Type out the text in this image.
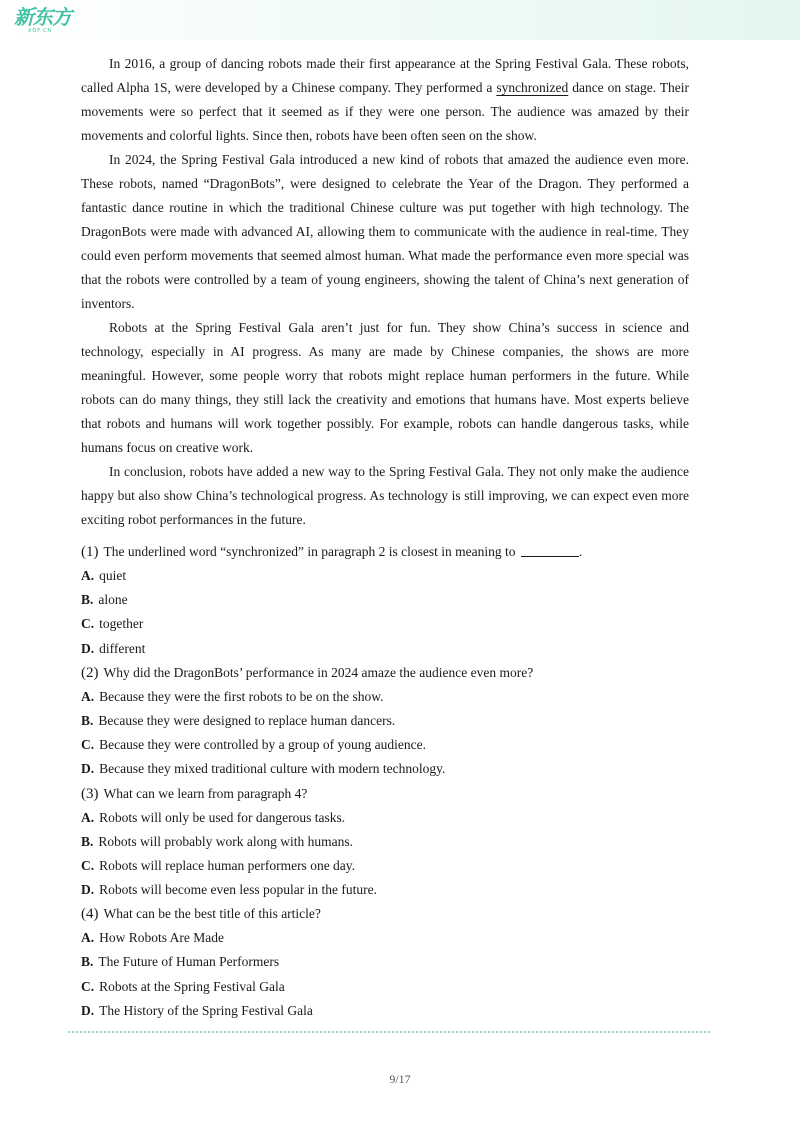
新东方
XDF.CN

In 2016, a group of dancing robots made their first appearance at the Spring Festival Gala. These robots, called Alpha 1S, were developed by a Chinese company. They performed a synchronized dance on stage. Their movements were so perfect that it seemed as if they were one person. The audience was amazed by their movements and colorful lights. Since then, robots have been often seen on the show.

In 2024, the Spring Festival Gala introduced a new kind of robots that amazed the audience even more. These robots, named “DragonBots”, were designed to celebrate the Year of the Dragon. They performed a fantastic dance routine in which the traditional Chinese culture was put together with high technology. The DragonBots were made with advanced AI, allowing them to communicate with the audience in real-time. They could even perform movements that seemed almost human. What made the performance even more special was that the robots were controlled by a team of young engineers, showing the talent of China’s next generation of inventors.

Robots at the Spring Festival Gala aren’t just for fun. They show China’s success in science and technology, especially in AI progress. As many are made by Chinese companies, the shows are more meaningful. However, some people worry that robots might replace human performers in the future. While robots can do many things, they still lack the creativity and emotions that humans have. Most experts believe that robots and humans will work together possibly. For example, robots can handle dangerous tasks, while humans focus on creative work.

In conclusion, robots have added a new way to the Spring Festival Gala. They not only make the audience happy but also show China’s technological progress. As technology is still improving, we can expect even more exciting robot performances in the future.

(1) The underlined word “synchronized” in paragraph 2 is closest in meaning to	.
A. quiet
B. alone
C. together
D. different
(2) Why did the DragonBots’ performance in 2024 amaze the audience even more?
A. Because they were the first robots to be on the show.
B. Because they were designed to replace human dancers.
C. Because they were controlled by a group of young audience.
D. Because they mixed traditional culture with modern technology.
(3) What can we learn from paragraph 4?
A. Robots will only be used for dangerous tasks.
B. Robots will probably work along with humans.
C. Robots will replace human performers one day.
D. Robots will become even less popular in the future.
(4) What can be the best title of this article?
A. How Robots Are Made
B. The Future of Human Performers
C. Robots at the Spring Festival Gala
D. The History of the Spring Festival Gala
9/17
